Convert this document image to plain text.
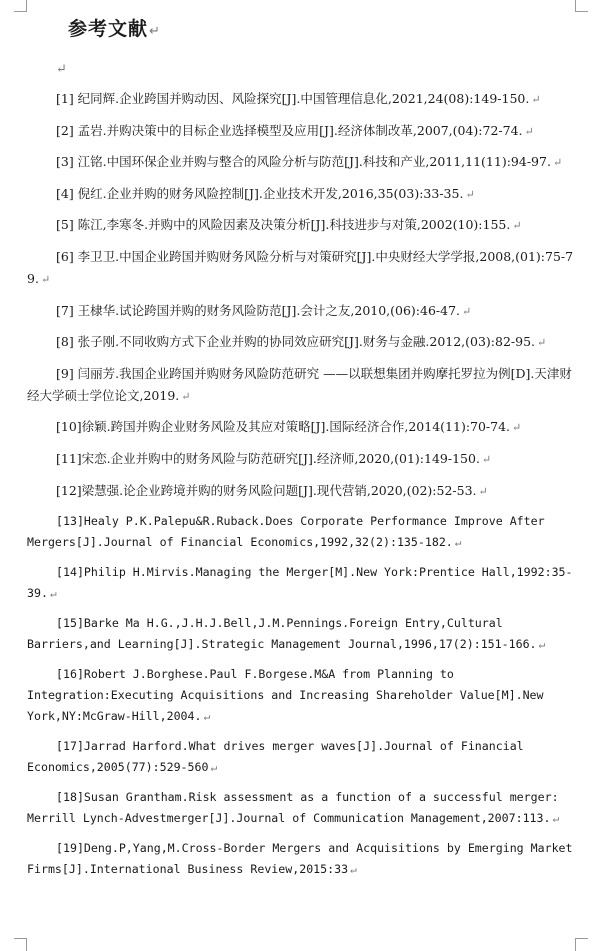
参考文献↵
↵
[1] 纪同辉.企业跨国并购动因、风险探究[J].中国管理信息化,2021,24(08):149-150. ↵
[2] 孟岩.并购决策中的目标企业选择模型及应用[J].经济体制改革,2007,(04):72-74. ↵
[3] 江铭.中国环保企业并购与整合的风险分析与防范[J].科技和产业,2011,11(11):94-97. ↵
[4] 倪红.企业并购的财务风险控制[J].企业技术开发,2016,35(03):33-35. ↵
[5] 陈江,李寒冬.并购中的风险因素及决策分析[J].科技进步与对策,2002(10):155. ↵
[6] 李卫卫.中国企业跨国并购财务风险分析与对策研究[J].中央财经大学学报,2008,(01):75-79. ↵
[7] 王棣华.试论跨国并购的财务风险防范[J].会计之友,2010,(06):46-47. ↵
[8] 张子刚.不同收购方式下企业并购的协同效应研究[J].财务与金融.2012,(03):82-95. ↵
[9] 闫丽芳.我国企业跨国并购财务风险防范研究 ——以联想集团并购摩托罗拉为例[D].天津财经大学硕士学位论文,2019. ↵
[10]徐颖.跨国并购企业财务风险及其应对策略[J].国际经济合作,2014(11):70-74. ↵
[11]宋恋.企业并购中的财务风险与防范研究[J].经济师,2020,(01):149-150. ↵
[12]梁慧强.论企业跨境并购的财务风险问题[J].现代营销,2020,(02):52-53. ↵
[13]Healy P.K.Palepu&R.Ruback.Does Corporate Performance Improve After Mergers[J].Journal of Financial Economics,1992,32(2):135-182. ↵
[14]Philip H.Mirvis.Managing the Merger[M].New York:Prentice Hall,1992:35-39. ↵
[15]Barke Ma H.G.,J.H.J.Bell,J.M.Pennings.Foreign Entry,Cultural Barriers,and Learning[J].Strategic Management Journal,1996,17(2):151-166. ↵
[16]Robert J.Borghese.Paul F.Borgese.M&A from Planning to Integration:Executing Acquisitions and Increasing Shareholder Value[M].New York,NY:McGraw-Hill,2004. ↵
[17]Jarrad Harford.What drives merger waves[J].Journal of Financial Economics,2005(77):529-560 ↵
[18]Susan Grantham.Risk assessment as a function of a successful merger: Merrill Lynch-Advestmerger[J].Journal of Communication Management,2007:113. ↵
[19]Deng.P,Yang,M.Cross-Border Mergers and Acquisitions by Emerging Market Firms[J].International Business Review,2015:33 ↵
